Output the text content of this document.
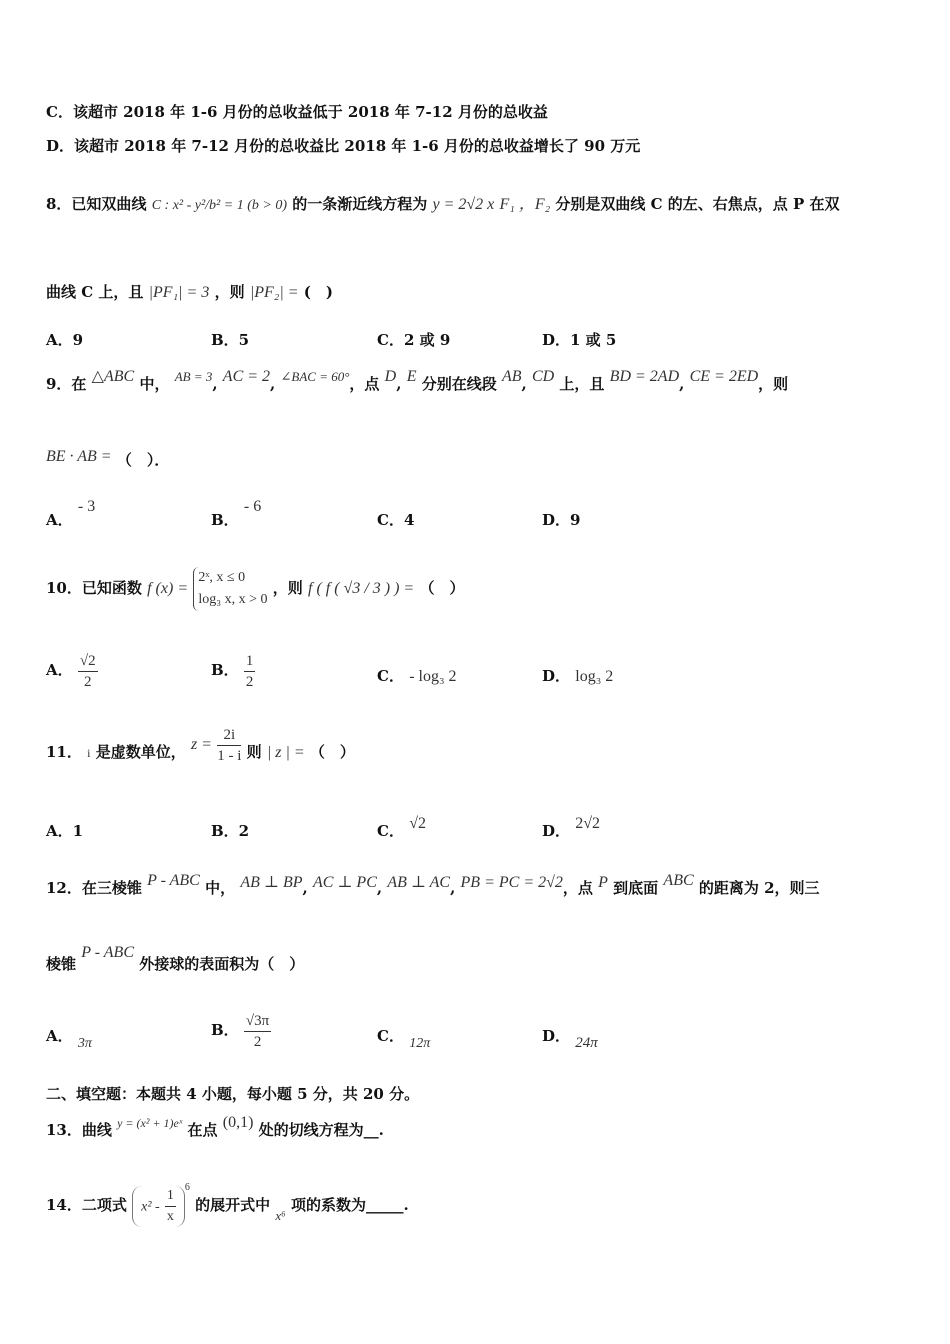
C．该超市 2018 年 1-6 月份的总收益低于 2018 年 7-12 月份的总收益
D．该超市 2018 年 7-12 月份的总收益比 2018 年 1-6 月份的总收益增长了 90 万元
8．已知双曲线 C : x² - y²/b² = 1 (b > 0) 的一条渐近线方程为 y = 2√2 x F₁ ，F₂ 分别是双曲线 C 的左、右焦点，点 P 在双
曲线 C 上，且 |PF₁| = 3 ，则 |PF₂| = (　)
A．9	B．5	C．2 或 9	D．1 或 5
9．在 △ABC 中， AB = 3, AC = 2, ∠BAC = 60°，点 D, E 分别在线段 AB, CD 上，且 BD = 2AD, CE = 2ED，则
BE · AB = （　）．
A． - 3
B． - 6
C．4	D．9
10．已知函数 f (x) =
2ˣ, x ≤ 0
log₃ x, x > 0
，则 f ( f ( √3 / 3 ) ) = （　）
A． $\frac{√2}{2}$	B． $\frac{1}{2}$	C． - log₃ 2	D． log₃ 2
11． i 是虚数单位， $z = \frac{2i}{1 - i}$ 则 | z | = （　）
A．1	B．2	C． √2	D． 2√2
12．在三棱锥 P - ABC 中， AB ⊥ BP, AC ⊥ PC, AB ⊥ AC, PB = PC = 2√2，点 P 到底面 ABC 的距离为 2，则三
棱锥 P - ABC 外接球的表面积为（　）
A． 3π
B． $\frac{√3\pi}{2}$	C． 12π	D． 24π
二、填空题：本题共 4 小题，每小题 5 分，共 20 分。
13．曲线 $^{y = (x^2 + 1)eˣ}$ 在点 (0,1) 处的切线方程为__.
14．二项式 $x^2 - \frac{1}{x} ^6$ 的展开式中 x⁶ 项的系数为_____.
